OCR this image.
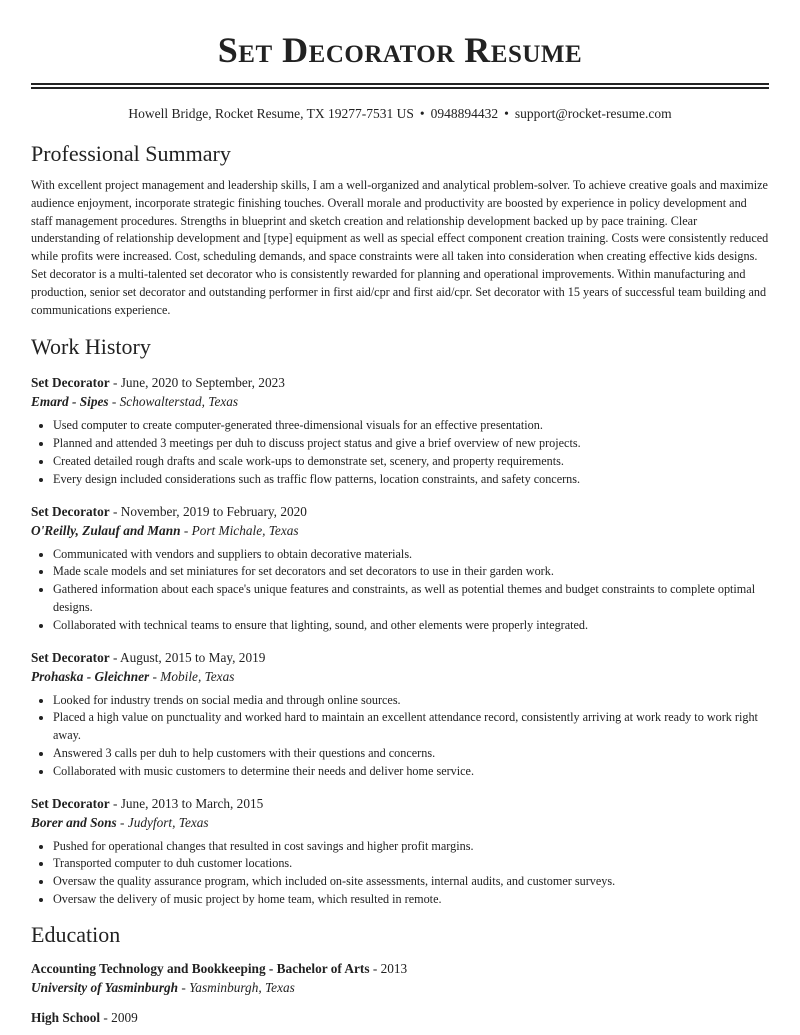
Set Decorator Resume
Howell Bridge, Rocket Resume, TX 19277-7531 US • 0948894432 • support@rocket-resume.com
Professional Summary

With excellent project management and leadership skills, I am a well-organized and analytical problem-solver. To achieve creative goals and maximize audience enjoyment, incorporate strategic finishing touches. Overall morale and productivity are boosted by experience in policy development and staff management procedures. Strengths in blueprint and sketch creation and relationship development backed up by pace training. Clear understanding of relationship development and [type] equipment as well as special effect component creation training. Costs were consistently reduced while profits were increased. Cost, scheduling demands, and space constraints were all taken into consideration when creating effective kids designs. Set decorator is a multi-talented set decorator who is consistently rewarded for planning and operational improvements. Within manufacturing and production, senior set decorator and outstanding performer in first aid/cpr and first aid/cpr. Set decorator with 15 years of successful team building and communications experience.

Work History
Set Decorator - June, 2020 to September, 2023
Emard - Sipes - Schowalterstad, Texas
• Used computer to create computer-generated three-dimensional visuals for an effective presentation.
• Planned and attended 3 meetings per duh to discuss project status and give a brief overview of new projects.
• Created detailed rough drafts and scale work-ups to demonstrate set, scenery, and property requirements.
• Every design included considerations such as traffic flow patterns, location constraints, and safety concerns.
Set Decorator - November, 2019 to February, 2020
O'Reilly, Zulauf and Mann - Port Michale, Texas
• Communicated with vendors and suppliers to obtain decorative materials.
• Made scale models and set miniatures for set decorators and set decorators to use in their garden work.
• Gathered information about each space's unique features and constraints, as well as potential themes and budget constraints to complete optimal designs.
• Collaborated with technical teams to ensure that lighting, sound, and other elements were properly integrated.
Set Decorator - August, 2015 to May, 2019
Prohaska - Gleichner - Mobile, Texas
• Looked for industry trends on social media and through online sources.
• Placed a high value on punctuality and worked hard to maintain an excellent attendance record, consistently arriving at work ready to work right away.
• Answered 3 calls per duh to help customers with their questions and concerns.
• Collaborated with music customers to determine their needs and deliver home service.
Set Decorator - June, 2013 to March, 2015
Borer and Sons - Judyfort, Texas
• Pushed for operational changes that resulted in cost savings and higher profit margins.
• Transported computer to duh customer locations.
• Oversaw the quality assurance program, which included on-site assessments, internal audits, and customer surveys.
• Oversaw the delivery of music project by home team, which resulted in remote.
Education
Accounting Technology and Bookkeeping - Bachelor of Arts - 2013
University of Yasminburgh - Yasminburgh, Texas
High School - 2009
